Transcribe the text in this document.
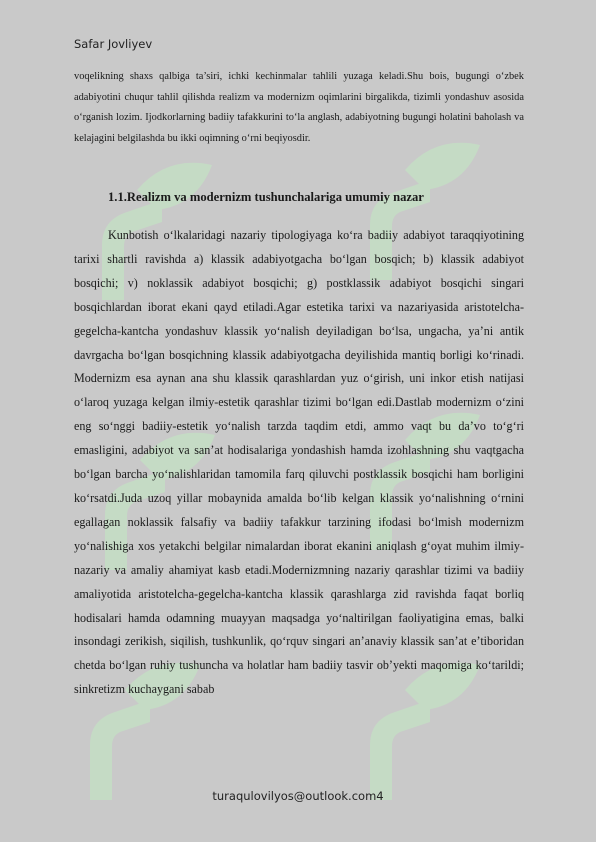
Safar Jovliyev

voqelikning shaxs qalbiga ta’siri, ichki kechinmalar tahlili yuzaga keladi.Shu bois, bugungi o‘zbek adabiyotini chuqur tahlil qilishda realizm va modernizm oqimlarini birgalikda, tizimli yondashuv asosida o‘rganish lozim. Ijodkorlarning badiiy tafakkurini to‘la anglash, adabiyotning bugungi holatini baholash va kelajagini belgilashda bu ikki oqimning o‘rni beqiyosdir.

1.1.Realizm va modernizm tushunchalariga umumiy nazar

Kunbotish o‘lkalaridagi nazariy tipologiyaga ko‘ra badiiy adabiyot taraqqiyotining tarixi shartli ravishda a) klassik adabiyotgacha bo‘lgan bosqich; b) klassik adabiyot bosqichi; v) noklassik adabiyot bosqichi; g) postklassik adabiyot bosqichi singari bosqichlardan iborat ekani qayd etiladi.Agar estetika tarixi va nazariyasida aristotelcha-gegelcha-kantcha yondashuv klassik yo‘nalish deyiladigan bo‘lsa, ungacha, ya’ni antik davrgacha bo‘lgan bosqichning klassik adabiyotgacha deyilishida mantiq borligi ko‘rinadi. Modernizm esa aynan ana shu klassik qarashlardan yuz o‘girish, uni inkor etish natijasi o‘laroq yuzaga kelgan ilmiy-estetik qarashlar tizimi bo‘lgan edi.Dastlab modernizm o‘zini eng so‘nggi badiiy-estetik yo‘nalish tarzda taqdim etdi, ammo vaqt bu da’vo to‘g‘ri emasligini, adabiyot va san’at hodisalariga yondashish hamda izohlashning shu vaqtgacha bo‘lgan barcha yo‘nalishlaridan tamomila farq qiluvchi postklassik bosqichi ham borligini ko‘rsatdi.Juda uzoq yillar mobaynida amalda bo‘lib kelgan klassik yo‘nalishning o‘rnini egallagan noklassik falsafiy va badiiy tafakkur tarzining ifodasi bo‘lmish modernizm yo‘nalishiga xos yetakchi belgilar nimalardan iborat ekanini aniqlash g‘oyat muhim ilmiy-nazariy va amaliy ahamiyat kasb etadi.Modernizmning nazariy qarashlar tizimi va badiiy amaliyotida aristotelcha-gegelcha-kantcha klassik qarashlarga zid ravishda faqat borliq hodisalari hamda odamning muayyan maqsadga yo‘naltirilgan faoliyatigina emas, balki insondagi zerikish, siqilish, tushkunlik, qo‘rquv singari an’anaviy klassik san’at e’tiboridan chetda bo‘lgan ruhiy tushuncha va holatlar ham badiiy tasvir ob’yekti maqomiga ko‘tarildi; sinkretizm kuchaygani sabab

turaqulovilyos@outlook.com4
